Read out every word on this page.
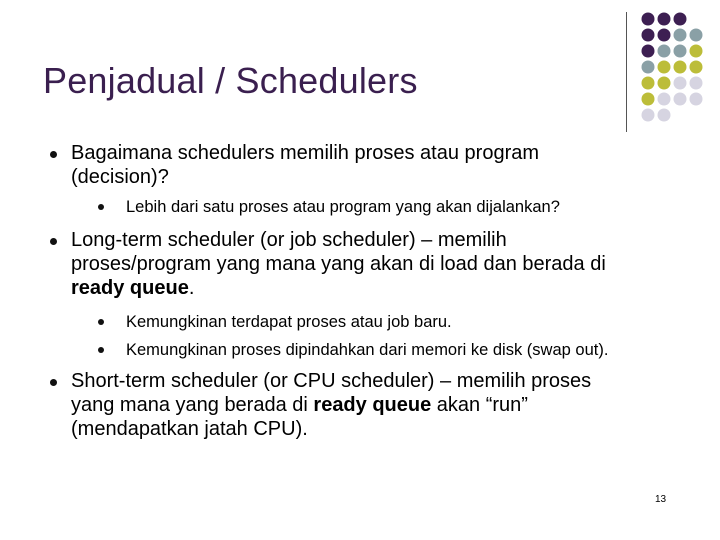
Penjadual / Schedulers
Bagaimana schedulers memilih proses atau program
(decision)?
Lebih dari satu proses atau program yang akan dijalankan?
Long-term scheduler (or job scheduler) – memilih
proses/program yang mana yang akan di load dan berada di
ready queue.
Kemungkinan terdapat proses atau job baru.
Kemungkinan proses dipindahkan dari memori ke disk (swap out).
Short-term scheduler (or CPU scheduler) – memilih proses
yang mana yang berada di ready queue akan “run”
(mendapatkan jatah CPU).
13
